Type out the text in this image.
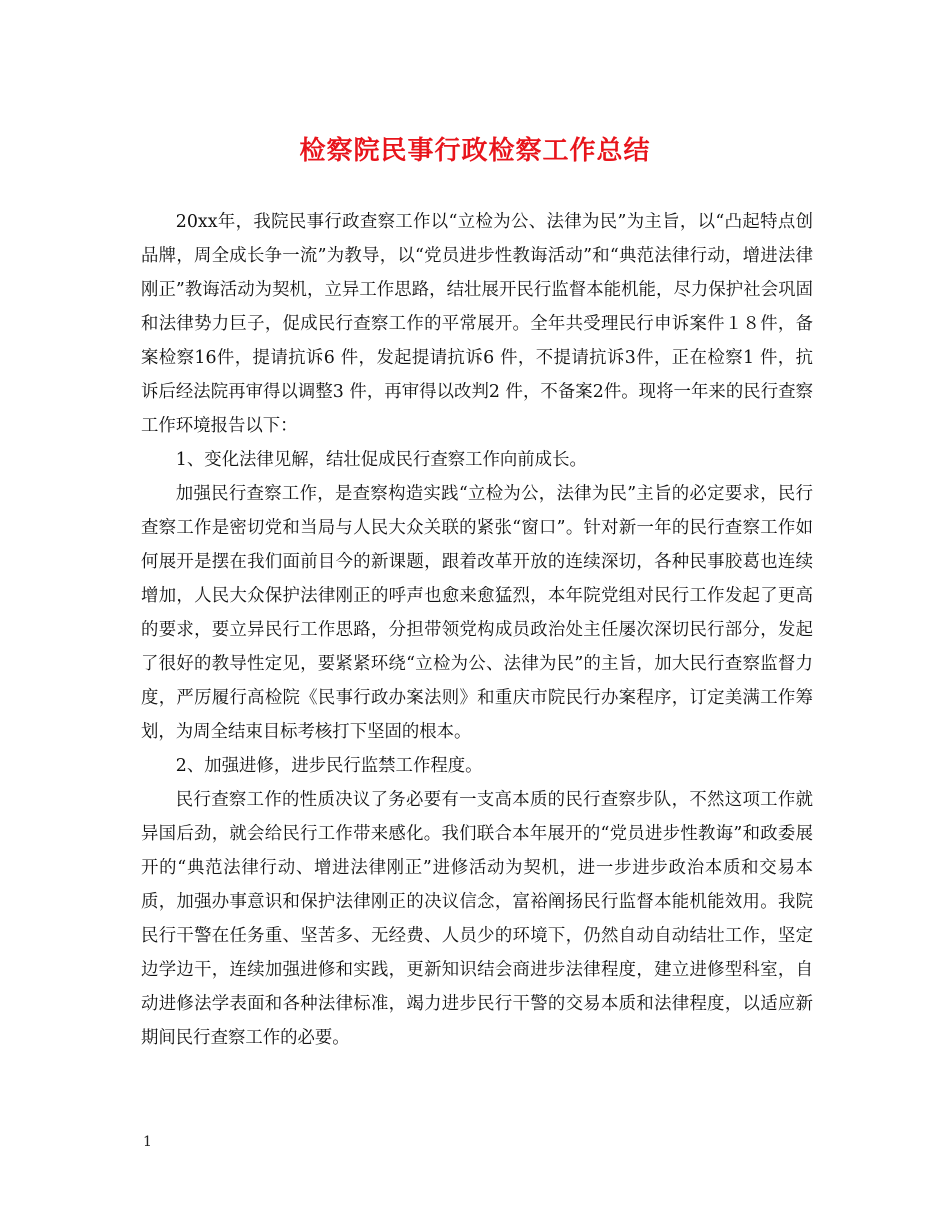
检察院民事行政检察工作总结

20xx年，我院民事行政查察工作以“立检为公、法律为民”为主旨，以“凸起特点创品牌，周全成长争一流”为教导，以“党员进步性教诲活动”和“典范法律行动，增进法律刚正”教诲活动为契机，立异工作思路，结壮展开民行监督本能机能，尽力保护社会巩固和法律势力巨子，促成民行查察工作的平常展开。全年共受理民行申诉案件１８件，备案检察16件，提请抗诉6 件，发起提请抗诉6 件，不提请抗诉3件，正在检察1 件，抗诉后经法院再审得以调整3 件，再审得以改判2 件，不备案2件。现将一年来的民行查察工作环境报告以下：

1、变化法律见解，结壮促成民行查察工作向前成长。

加强民行查察工作，是查察构造实践“立检为公，法律为民”主旨的必定要求，民行查察工作是密切党和当局与人民大众关联的紧张“窗口”。针对新一年的民行查察工作如何展开是摆在我们面前目今的新课题，跟着改革开放的连续深切，各种民事胶葛也连续增加，人民大众保护法律刚正的呼声也愈来愈猛烈，本年院党组对民行工作发起了更高的要求，要立异民行工作思路，分担带领党构成员政治处主任屡次深切民行部分，发起了很好的教导性定见，要紧紧环绕“立检为公、法律为民”的主旨，加大民行查察监督力度，严厉履行高检院《民事行政办案法则》和重庆市院民行办案程序，订定美满工作筹划，为周全结束目标考核打下坚固的根本。

2、加强进修，进步民行监禁工作程度。

民行查察工作的性质决议了务必要有一支高本质的民行查察步队，不然这项工作就异国后劲，就会给民行工作带来感化。我们联合本年展开的“党员进步性教诲”和政委展开的“典范法律行动、增进法律刚正”进修活动为契机，进一步进步政治本质和交易本质，加强办事意识和保护法律刚正的决议信念，富裕阐扬民行监督本能机能效用。我院民行干警在任务重、坚苦多、无经费、人员少的环境下，仍然自动自动结壮工作，坚定边学边干，连续加强进修和实践，更新知识结会商进步法律程度，建立进修型科室，自动进修法学表面和各种法律标准，竭力进步民行干警的交易本质和法律程度，以适应新期间民行查察工作的必要。

1
